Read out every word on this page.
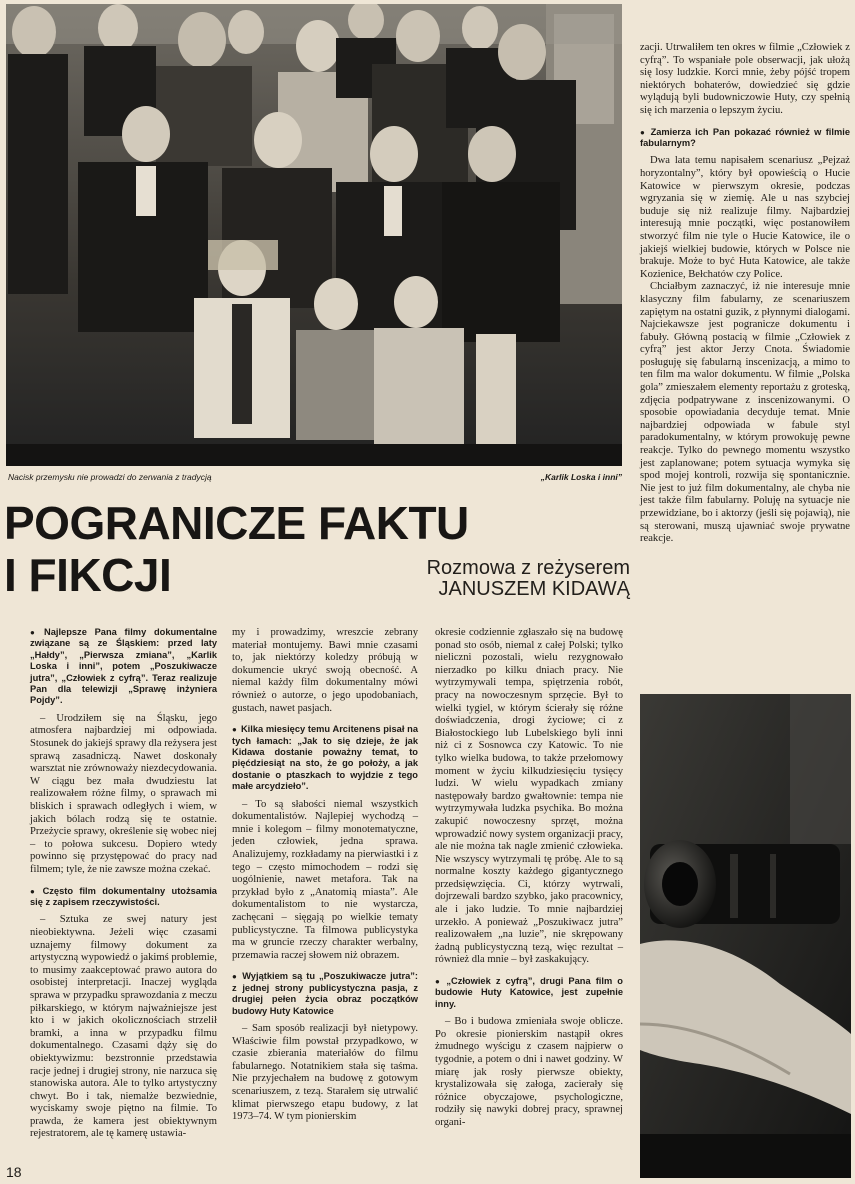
Nacisk przemysłu nie prowadzi do zerwania z tradycją	„Karlik Loska i inni”
POGRANICZE FAKTU
I FIKCJI	Rozmowa z reżyserem
JANUSZEM KIDAWĄ

● Najlepsze Pana filmy dokumentalne związane są ze Śląskiem: przed laty „Hałdy”, „Pierwsza zmiana”, „Karlik Loska i inni”, potem „Poszukiwacze jutra”, „Człowiek z cyfrą”. Teraz realizuje Pan dla telewizji „Sprawę inżyniera Pojdy”.

– Urodziłem się na Śląsku, jego atmosfera najbardziej mi odpowiada. Stosunek do jakiejś sprawy dla reżysera jest sprawą zasadniczą. Nawet doskonały warsztat nie zrównoważy niezdecydowania. W ciągu bez mała dwudziestu lat realizowałem różne filmy, o sprawach mi bliskich i sprawach odległych i wiem, w jakich bólach rodzą się te ostatnie. Przeżycie sprawy, określenie się wobec niej – to połowa sukcesu. Dopiero wtedy powinno się przystępować do pracy nad filmem; tyle, że nie zawsze można czekać.

● Często film dokumentalny utożsamia się z zapisem rzeczywistości.

– Sztuka ze swej natury jest nieobiektywna. Jeżeli więc czasami uznajemy filmowy dokument za artystyczną wypowiedź o jakimś problemie, to musimy zaakceptować prawo autora do osobistej interpretacji. Inaczej wygląda sprawa w przypadku sprawozdania z meczu piłkarskiego, w którym najważniejsze jest kto i w jakich okolicznościach strzelił bramki, a inna w przypadku filmu dokumentalnego. Czasami dąży się do obiektywizmu: bezstronnie przedstawia racje jednej i drugiej strony, nie narzuca się stanowiska autora. Ale to tylko artystyczny chwyt. Bo i tak, niemalże bezwiednie, wyciskamy swoje piętno na filmie. To prawda, że kamera jest obiektywnym rejestratorem, ale tę kamerę ustawia-

my i prowadzimy, wreszcie zebrany materiał montujemy. Bawi mnie czasami to, jak niektórzy koledzy próbują w dokumencie ukryć swoją obecność. A niemal każdy film dokumentalny mówi również o autorze, o jego upodobaniach, gustach, nawet pasjach.

● Kilka miesięcy temu Arcitenens pisał na tych łamach: „Jak to się dzieje, że jak Kidawa dostanie poważny temat, to pięćdziesiąt na sto, że go położy, a jak dostanie o ptaszkach to wyjdzie z tego małe arcydzieło”.

– To są słabości niemal wszystkich dokumentalistów. Najlepiej wychodzą – mnie i kolegom – filmy monotematyczne, jeden człowiek, jedna sprawa. Analizujemy, rozkładamy na pierwiastki i z tego – często mimochodem – rodzi się uogólnienie, nawet metafora. Tak na przykład było z „Anatomią miasta”. Ale dokumentalistom to nie wystarcza, zachęcani – sięgają po wielkie tematy publicystyczne. Ta filmowa publicystyka ma w gruncie rzeczy charakter werbalny, przemawia raczej słowem niż obrazem.

● Wyjątkiem są tu „Poszukiwacze jutra”: z jednej strony publicystyczna pasja, z drugiej pełen życia obraz początków budowy Huty Katowice

– Sam sposób realizacji był nietypowy. Właściwie film powstał przypadkowo, w czasie zbierania materiałów do filmu fabularnego. Notatnikiem stała się taśma. Nie przyjechałem na budowę z gotowym scenariuszem, z tezą. Starałem się utrwalić klimat pierwszego etapu budowy, z lat 1973–74. W tym pionierskim

okresie codziennie zgłaszało się na budowę ponad sto osób, niemal z całej Polski; tylko nieliczni pozostali, wielu rezygnowało nierzadko po kilku dniach pracy. Nie wytrzymywali tempa, spiętrzenia robót, pracy na nowoczesnym sprzęcie. Był to wielki tygiel, w którym ścierały się różne doświadczenia, drogi życiowe; ci z Białostockiego lub Lubelskiego byli inni niż ci z Sosnowca czy Katowic. To nie tylko wielka budowa, to także przełomowy moment w życiu kilkudziesięciu tysięcy ludzi. W wielu wypadkach zmiany następowały bardzo gwałtownie: tempa nie wytrzymywała ludzka psychika. Bo można zakupić nowoczesny sprzęt, można wprowadzić nowy system organizacji pracy, ale nie można tak nagle zmienić człowieka. Nie wszyscy wytrzymali tę próbę. Ale to są normalne koszty każdego gigantycznego przedsięwzięcia. Ci, którzy wytrwali, dojrzewali bardzo szybko, jako pracownicy, ale i jako ludzie. To mnie najbardziej urzekło. A ponieważ „Poszukiwacz jutra” realizowałem „na luzie”, nie skrępowany żadną publicystyczną tezą, więc rezultat – również dla mnie – był zaskakujący.

● „Człowiek z cyfrą”, drugi Pana film o budowie Huty Katowice, jest zupełnie inny.

– Bo i budowa zmieniała swoje oblicze. Po okresie pionierskim nastąpił okres żmudnego wyścigu z czasem najpierw o tygodnie, a potem o dni i nawet godziny. W miarę jak rosły pierwsze obiekty, krystalizowała się załoga, zacierały się różnice obyczajowe, psychologiczne, rodziły się nawyki dobrej pracy, sprawnej organi-

zacji. Utrwaliłem ten okres w filmie „Człowiek z cyfrą”. To wspaniałe pole obserwacji, jak ułożą się losy ludzkie. Korci mnie, żeby pójść tropem niektórych bohaterów, dowiedzieć się gdzie wylądują byli budowniczowie Huty, czy spełnią się ich marzenia o lepszym życiu.

● Zamierza ich Pan pokazać również w filmie fabularnym?

Dwa lata temu napisałem scenariusz „Pejzaż horyzontalny”, który był opowieścią o Hucie Katowice w pierwszym okresie, podczas wgryzania się w ziemię. Ale u nas szybciej buduje się niż realizuje filmy. Najbardziej interesują mnie początki, więc postanowiłem stworzyć film nie tyle o Hucie Katowice, ile o jakiejś wielkiej budowie, których w Polsce nie brakuje. Może to być Huta Katowice, ale także Kozienice, Bełchatów czy Police.

Chciałbym zaznaczyć, iż nie interesuje mnie klasyczny film fabularny, ze scenariuszem zapiętym na ostatni guzik, z płynnymi dialogami. Najciekawsze jest pogranicze dokumentu i fabuły. Główną postacią w filmie „Człowiek z cyfrą” jest aktor Jerzy Cnota. Świadomie posługuję się fabularną inscenizacją, a mimo to ten film ma walor dokumentu. W filmie „Polska gola” zmieszałem elementy reportażu z groteską, zdjęcia podpatrywane z inscenizowanymi. O sposobie opowiadania decyduje temat. Mnie najbardziej odpowiada w fabule styl paradokumentalny, w którym prowokuję pewne reakcje. Tylko do pewnego momentu wszystko jest zaplanowane; potem sytuacja wymyka się spod mojej kontroli, rozwija się spontanicznie. Nie jest to już film dokumentalny, ale chyba nie jest także film fabularny. Poluję na sytuacje nie przewidziane, bo i aktorzy (jeśli się pojawią), nie są sterowani, muszą ujawniać swoje prywatne reakcje.

18
